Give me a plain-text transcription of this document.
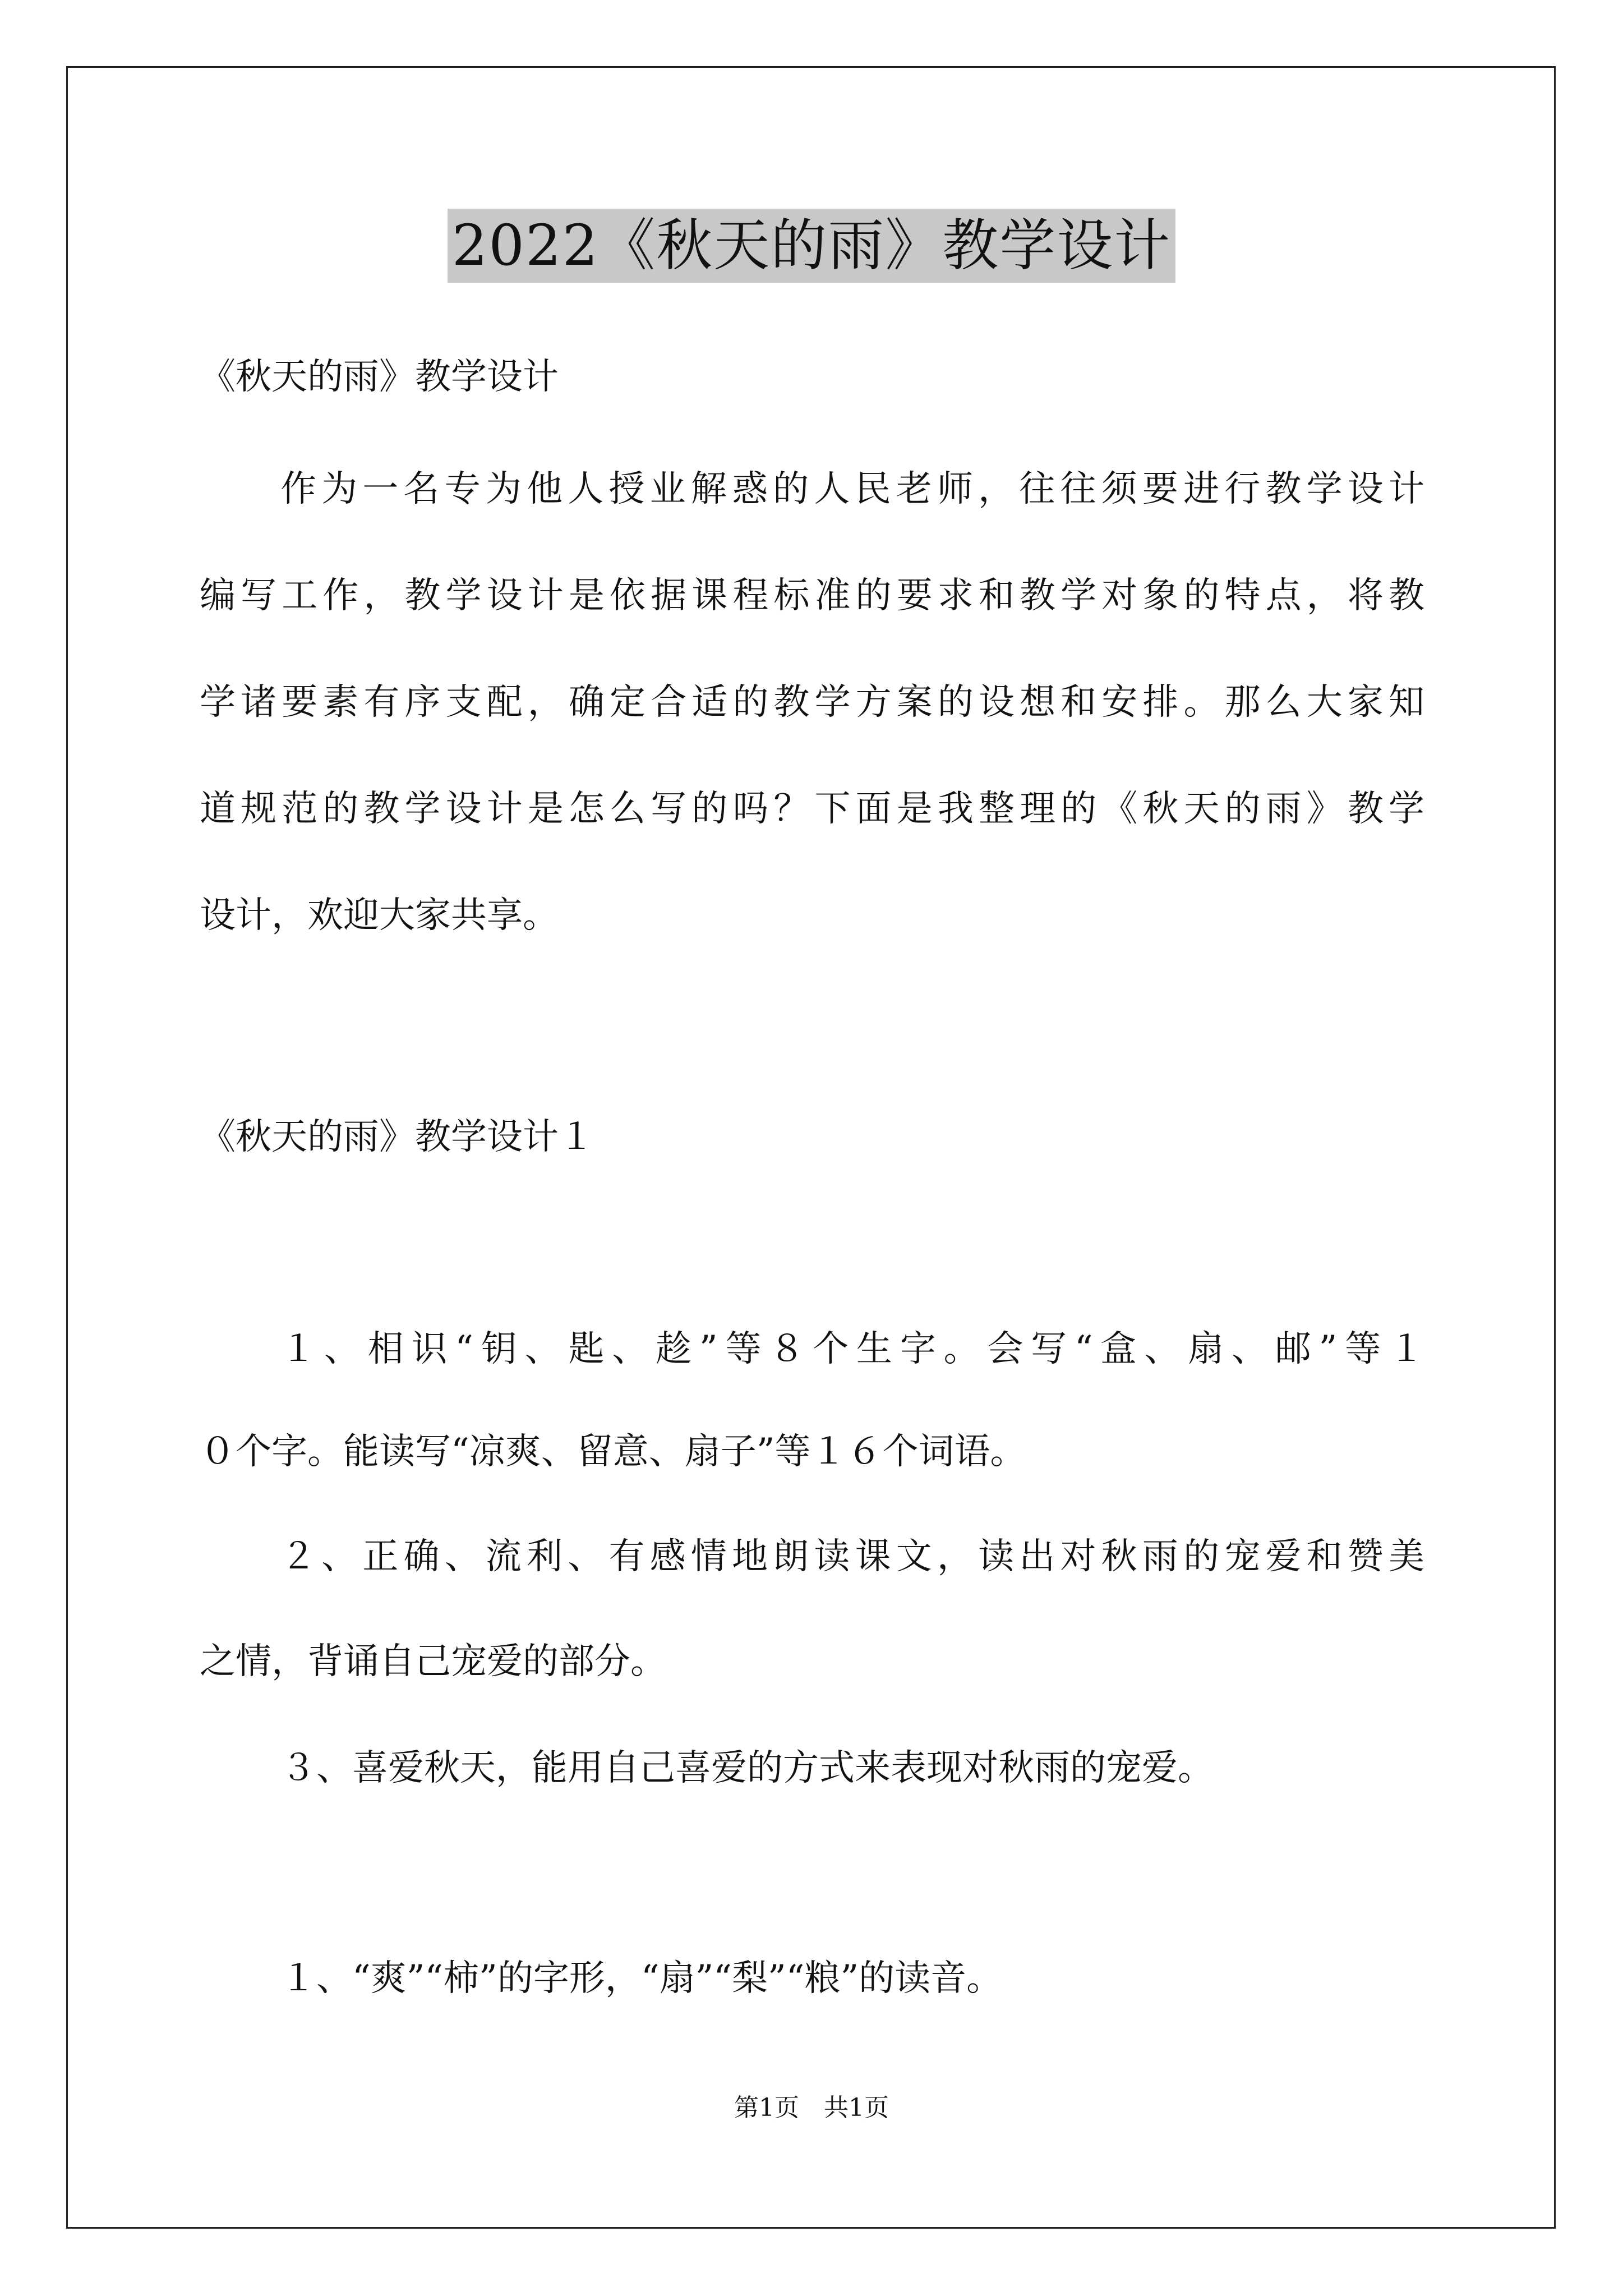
2022《秋天的雨》教学设计
《秋天的雨》教学设计
作为一名专为他人授业解惑的人民老师，往往须要进行教学设计
编写工作，教学设计是依据课程标准的要求和教学对象的特点，将教
学诸要素有序支配，确定合适的教学方案的设想和安排。那么大家知
道规范的教学设计是怎么写的吗？下面是我整理的《秋天的雨》教学
设计，欢迎大家共享。
《秋天的雨》教学设计１
１、相识“钥、匙、趁”等８个生字。会写“盒、扇、邮”等１
０个字。能读写“凉爽、留意、扇子”等１６个词语。
２、正确、流利、有感情地朗读课文，读出对秋雨的宠爱和赞美
之情，背诵自己宠爱的部分。
３、喜爱秋天，能用自己喜爱的方式来表现对秋雨的宠爱。
１、“爽”“柿”的字形，“扇”“梨”“粮”的读音。
第1页　共1页
